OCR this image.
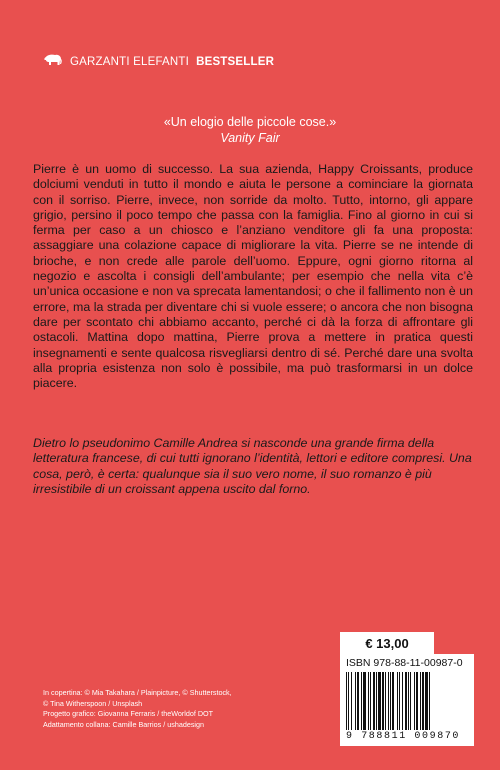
GARZANTI ELEFANTI BESTSELLER
«Un elogio delle piccole cose.»
Vanity Fair

Pierre è un uomo di successo. La sua azienda, Happy Croissants, produce dolciumi venduti in tutto il mondo e aiuta le persone a cominciare la giornata con il sorriso. Pierre, invece, non sorride da molto. Tutto, intorno, gli appare grigio, persino il poco tempo che passa con la famiglia. Fino al giorno in cui si ferma per caso a un chiosco e l’anziano venditore gli fa una proposta: assaggiare una colazione capace di migliorare la vita. Pierre se ne intende di brioche, e non crede alle parole dell’uomo. Eppure, ogni giorno ritorna al negozio e ascolta i consigli dell’ambulante; per esempio che nella vita c’è un’unica occasione e non va sprecata lamentandosi; o che il fallimento non è un errore, ma la strada per diventare chi si vuole essere; o ancora che non bisogna dare per scontato chi abbiamo accanto, perché ci dà la forza di affrontare gli ostacoli. Mattina dopo mattina, Pierre prova a mettere in pratica questi insegnamenti e sente qualcosa risvegliarsi dentro di sé. Perché dare una svolta alla propria esistenza non solo è possibile, ma può trasformarsi in un dolce piacere.

Dietro lo pseudonimo Camille Andrea si nasconde una grande firma della letteratura francese, di cui tutti ignorano l’identità, lettori e editore compresi. Una cosa, però, è certa: qualunque sia il suo vero nome, il suo romanzo è più irresistibile di un croissant appena uscito dal forno.

€ 13,00
ISBN 978-88-11-00987-0
9 788811 009870
In copertina: © Mia Takahara / Plainpicture, © Shutterstock,
© Tina Witherspoon / Unsplash
Progetto grafico: Giovanna Ferraris / theWorldof DOT
Adattamento collana: Camille Barrios / ushadesign
